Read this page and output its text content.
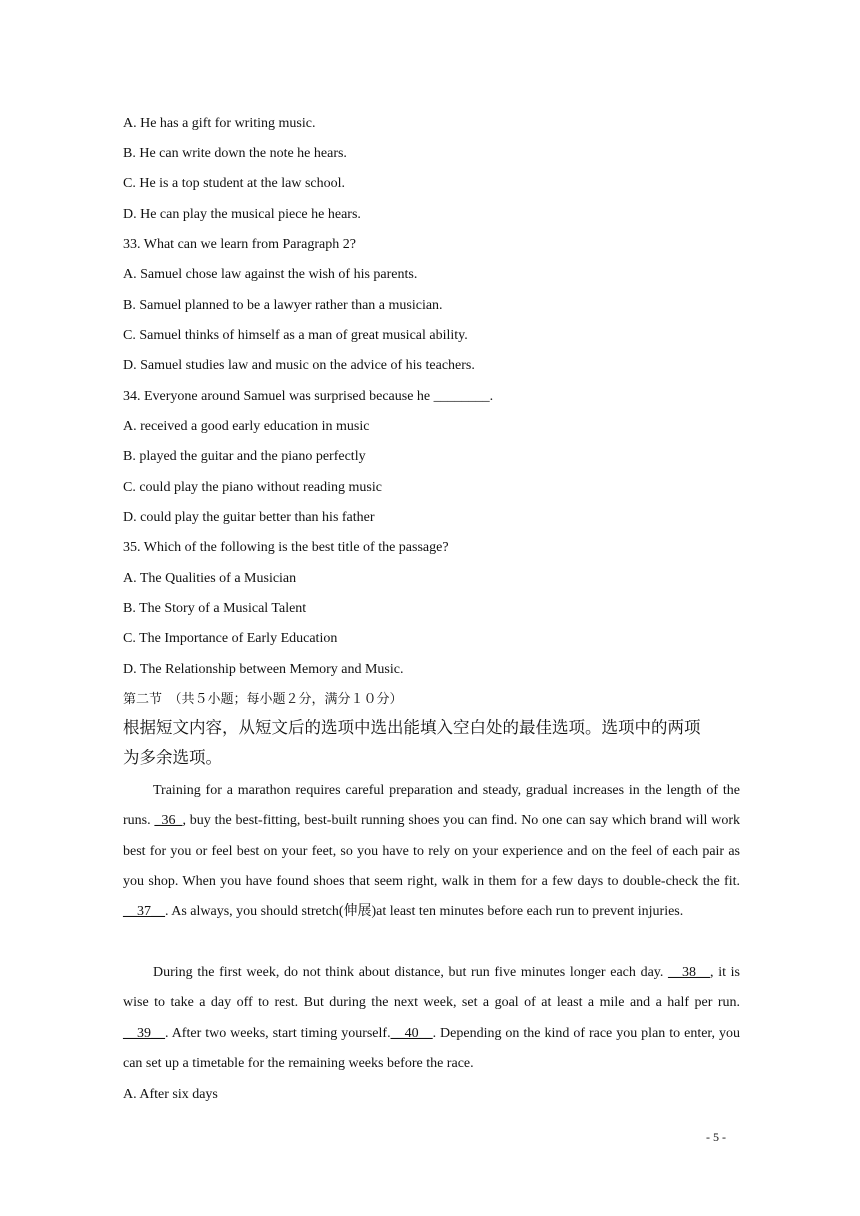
A. He has a gift for writing music.
B. He can write down the note he hears.
C. He is a top student at the law school.
D. He can play the musical piece he hears.
33. What can we learn from Paragraph 2?
A. Samuel chose law against the wish of his parents.
B. Samuel planned to be a lawyer rather than a musician.
C. Samuel thinks of himself as a man of great musical ability.
D. Samuel studies law and music on the advice of his teachers.
34. Everyone around Samuel was surprised because he ________.
A. received a good early education in music
B. played the guitar and the piano perfectly
C. could play the piano without reading music
D. could play the guitar better than his father
35. Which of the following is the best title of the passage?
A. The Qualities of a Musician
B. The Story of a Musical Talent
C. The Importance of Early Education
D. The Relationship between Memory and Music.
第二节　（共５小题；每小题２分，满分１０分）
根据短文内容，从短文后的选项中选出能填入空白处的最佳选项。选项中的两项
为多余选项。

Training for a marathon requires careful preparation and steady, gradual increases in the length of the runs. _36_, buy the best-fitting, best-built running shoes you can find. No one can say which brand will work best for you or feel best on your feet, so you have to rely on your experience and on the feel of each pair as you shop. When you have found shoes that seem right, walk in them for a few days to double-check the fit. __37__. As always, you should stretch(伸展)at least ten minutes before each run to prevent injuries.

During the first week, do not think about distance, but run five minutes longer each day. __38__, it is wise to take a day off to rest. But during the next week, set a goal of at least a mile and a half per run. __39__. After two weeks, start timing yourself.__40__. Depending on the kind of race you plan to enter, you can set up a timetable for the remaining weeks before the race.

A. After six days
- 5 -
